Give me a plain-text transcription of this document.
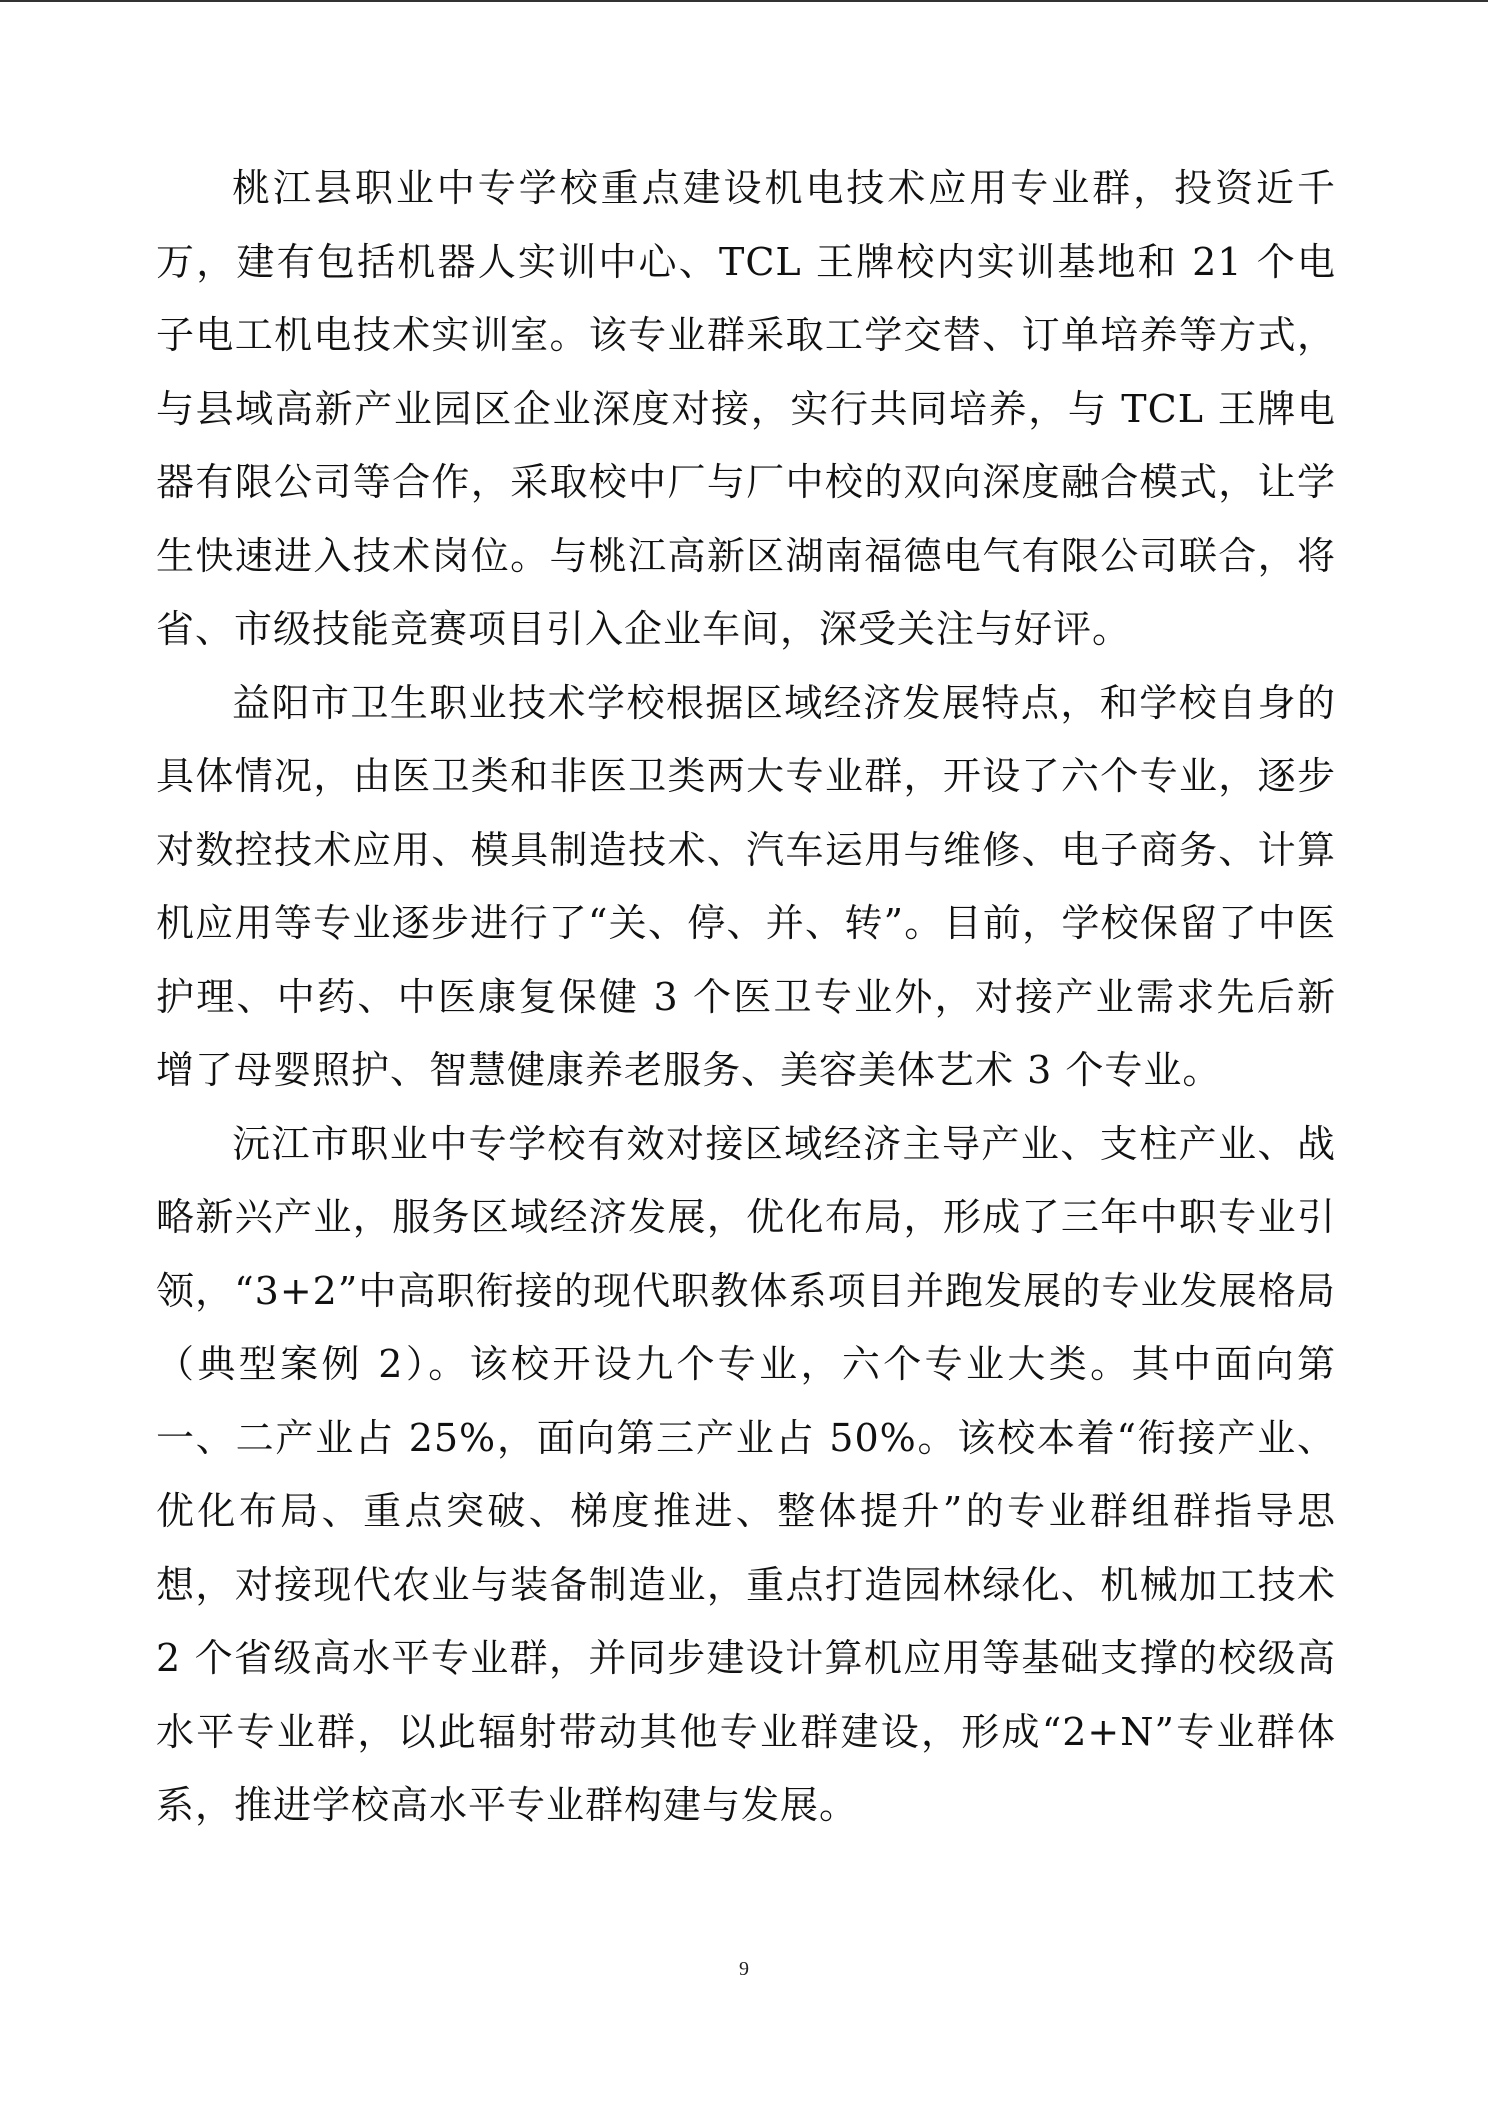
桃江县职业中专学校重点建设机电技术应用专业群，投资近千万，建有包括机器人实训中心、TCL 王牌校内实训基地和 21 个电子电工机电技术实训室。该专业群采取工学交替、订单培养等方式，与县域高新产业园区企业深度对接，实行共同培养，与 TCL 王牌电器有限公司等合作，采取校中厂与厂中校的双向深度融合模式，让学生快速进入技术岗位。与桃江高新区湖南福德电气有限公司联合，将省、市级技能竞赛项目引入企业车间，深受关注与好评。

益阳市卫生职业技术学校根据区域经济发展特点，和学校自身的具体情况，由医卫类和非医卫类两大专业群，开设了六个专业，逐步对数控技术应用、模具制造技术、汽车运用与维修、电子商务、计算机应用等专业逐步进行了“关、停、并、转”。目前，学校保留了中医护理、中药、中医康复保健 3 个医卫专业外，对接产业需求先后新增了母婴照护、智慧健康养老服务、美容美体艺术 3 个专业。

沅江市职业中专学校有效对接区域经济主导产业、支柱产业、战略新兴产业，服务区域经济发展，优化布局，形成了三年中职专业引领，“3+2”中高职衔接的现代职教体系项目并跑发展的专业发展格局（典型案例 2）。该校开设九个专业，六个专业大类。其中面向第一、二产业占 25%，面向第三产业占 50%。该校本着“衔接产业、优化布局、重点突破、梯度推进、整体提升”的专业群组群指导思想，对接现代农业与装备制造业，重点打造园林绿化、机械加工技术 2 个省级高水平专业群，并同步建设计算机应用等基础支撑的校级高水平专业群，以此辐射带动其他专业群建设，形成“2+N”专业群体系，推进学校高水平专业群构建与发展。

9
